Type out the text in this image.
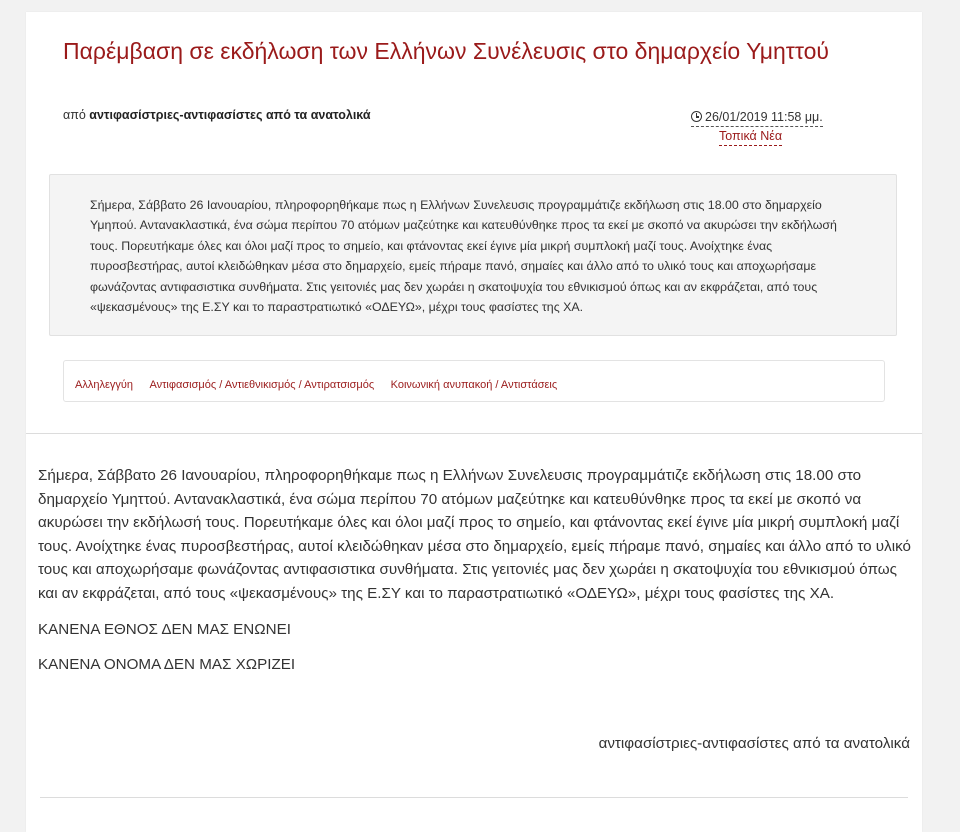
Παρέμβαση σε εκδήλωση των Ελλήνων Συνέλευσις στο δημαρχείο Υμηττού
από αντιφασίστριες-αντιφασίστες από τα ανατολικά	26/01/2019 11:58 μμ.
Τοπικά Νέα

Σήμερα, Σάββατο 26 Ιανουαρίου, πληροφορηθήκαμε πως η Ελλήνων Συνελευσις προγραμμάτιζε εκδήλωση στις 18.00 στο δημαρχείο Υμηπού. Αντανακλαστικά, ένα σώμα περίπου 70 ατόμων μαζεύτηκε και κατευθύνθηκε προς τα εκεί με σκοπό να ακυρώσει την εκδήλωσή τους. Πορευτήκαμε όλες και όλοι μαζί προς το σημείο, και φτάνοντας εκεί έγινε μία μικρή συμπλοκή μαζί τους. Ανοίχτηκε ένας πυροσβεστήρας, αυτοί κλειδώθηκαν μέσα στο δημαρχείο, εμείς πήραμε πανό, σημαίες και άλλο από το υλικό τους και αποχωρήσαμε φωνάζοντας αντιφασιστικα συνθήματα. Στις γειτονιές μας δεν χωράει η σκατοψυχία του εθνικισμού όπως και αν εκφράζεται, από τους «ψεκασμένους» της Ε.ΣΥ και το παραστρατιωτικό «ΟΔΕΥΩ», μέχρι τους φασίστες της ΧΑ.

Αλληλεγγύη Αντιφασισμός / Αντιεθνικισμός / Αντιρατσισμός Κοινωνική ανυπακοή / Αντιστάσεις

Σήμερα, Σάββατο 26 Ιανουαρίου, πληροφορηθήκαμε πως η Ελλήνων Συνελευσις προγραμμάτιζε εκδήλωση στις 18.00 στο δημαρχείο Υμηττού. Αντανακλαστικά, ένα σώμα περίπου 70 ατόμων μαζεύτηκε και κατευθύνθηκε προς τα εκεί με σκοπό να ακυρώσει την εκδήλωσή τους. Πορευτήκαμε όλες και όλοι μαζί προς το σημείο, και φτάνοντας εκεί έγινε μία μικρή συμπλοκή μαζί τους. Ανοίχτηκε ένας πυροσβεστήρας, αυτοί κλειδώθηκαν μέσα στο δημαρχείο, εμείς πήραμε πανό, σημαίες και άλλο από το υλικό τους και αποχωρήσαμε φωνάζοντας αντιφασιστικα συνθήματα. Στις γειτονιές μας δεν χωράει η σκατοψυχία του εθνικισμού όπως και αν εκφράζεται, από τους «ψεκασμένους» της Ε.ΣΥ και το παραστρατιωτικό «ΟΔΕΥΩ», μέχρι τους φασίστες της ΧΑ.

ΚΑΝΕΝΑ ΕΘΝΟΣ ΔΕΝ ΜΑΣ ΕΝΩΝΕΙ

ΚΑΝΕΝΑ ΟΝΟΜΑ ΔΕΝ ΜΑΣ ΧΩΡΙΖΕΙ

αντιφασίστριες-αντιφασίστες από τα ανατολικά
